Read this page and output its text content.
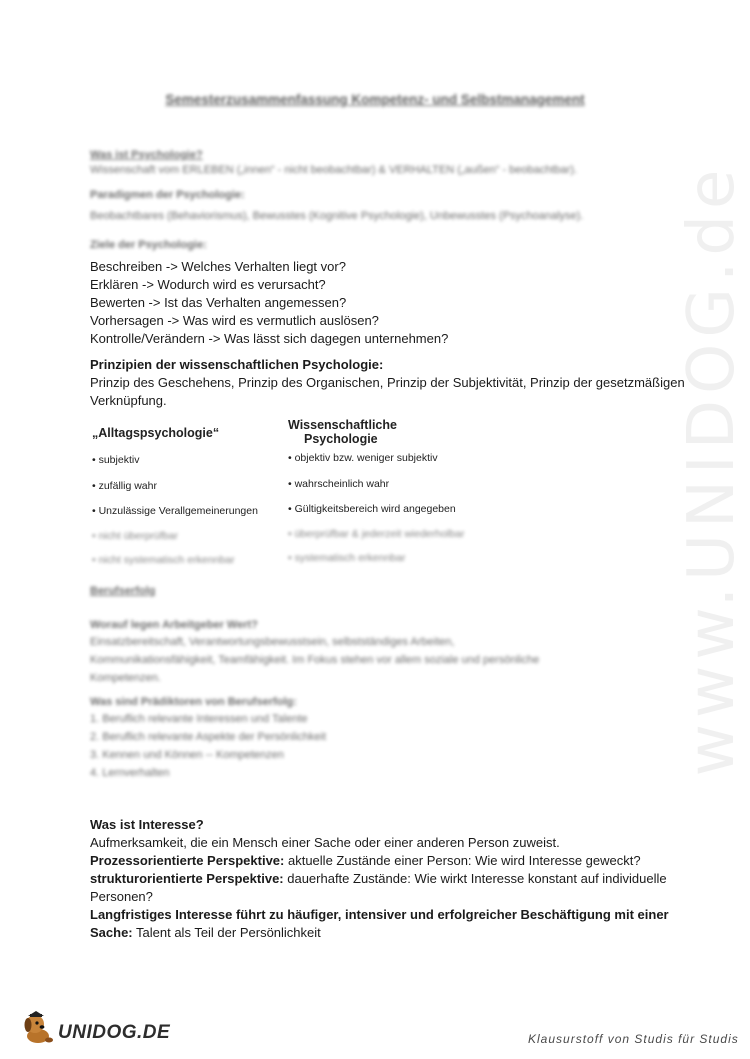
www.UNIDOG.de
Semesterzusammenfassung Kompetenz- und Selbstmanagement
Was ist Psychologie?
Wissenschaft vom ERLEBEN („innen“ - nicht beobachtbar) & VERHALTEN („außen“ - beobachtbar).
Paradigmen der Psychologie:
Beobachtbares (Behaviorismus), Bewusstes (Kognitive Psychologie), Unbewusstes (Psychoanalyse).
Ziele der Psychologie:
Beschreiben -> Welches Verhalten liegt vor?
Erklären -> Wodurch wird es verursacht?
Bewerten -> Ist das Verhalten angemessen?
Vorhersagen -> Was wird es vermutlich auslösen?
Kontrolle/Verändern -> Was lässt sich dagegen unternehmen?
Prinzipien der wissenschaftlichen Psychologie:
Prinzip des Geschehens, Prinzip des Organischen, Prinzip der Subjektivität, Prinzip der gesetzmäßigen
Verknüpfung.
„Alltagspsychologie“
Wissenschaftliche
Psychologie
• subjektiv
• zufällig wahr
• Unzulässige Verallgemeinerungen
• nicht überprüfbar
• nicht systematisch erkennbar
• objektiv bzw. weniger subjektiv
• wahrscheinlich wahr
• Gültigkeitsbereich wird angegeben
• überprüfbar & jederzeit wiederholbar
• systematisch erkennbar
Berufserfolg
Worauf legen Arbeitgeber Wert?
Einsatzbereitschaft, Verantwortungsbewusstsein, selbstständiges Arbeiten,
Kommunikationsfähigkeit, Teamfähigkeit. Im Fokus stehen vor allem soziale und persönliche
Kompetenzen.
Was sind Prädiktoren von Berufserfolg:
1. Beruflich relevante Interessen und Talente
2. Beruflich relevante Aspekte der Persönlichkeit
3. Kennen und Können -- Kompetenzen
4. Lernverhalten
Was ist Interesse?
Aufmerksamkeit, die ein Mensch einer Sache oder einer anderen Person zuweist.
Prozessorientierte Perspektive: aktuelle Zustände einer Person: Wie wird Interesse geweckt?
strukturorientierte Perspektive: dauerhafte Zustände: Wie wirkt Interesse konstant auf individuelle
Personen?
Langfristiges Interesse führt zu häufiger, intensiver und erfolgreicher Beschäftigung mit einer
Sache: Talent als Teil der Persönlichkeit
UNIDOG.DE	Klausurstoff von Studis für Studis
